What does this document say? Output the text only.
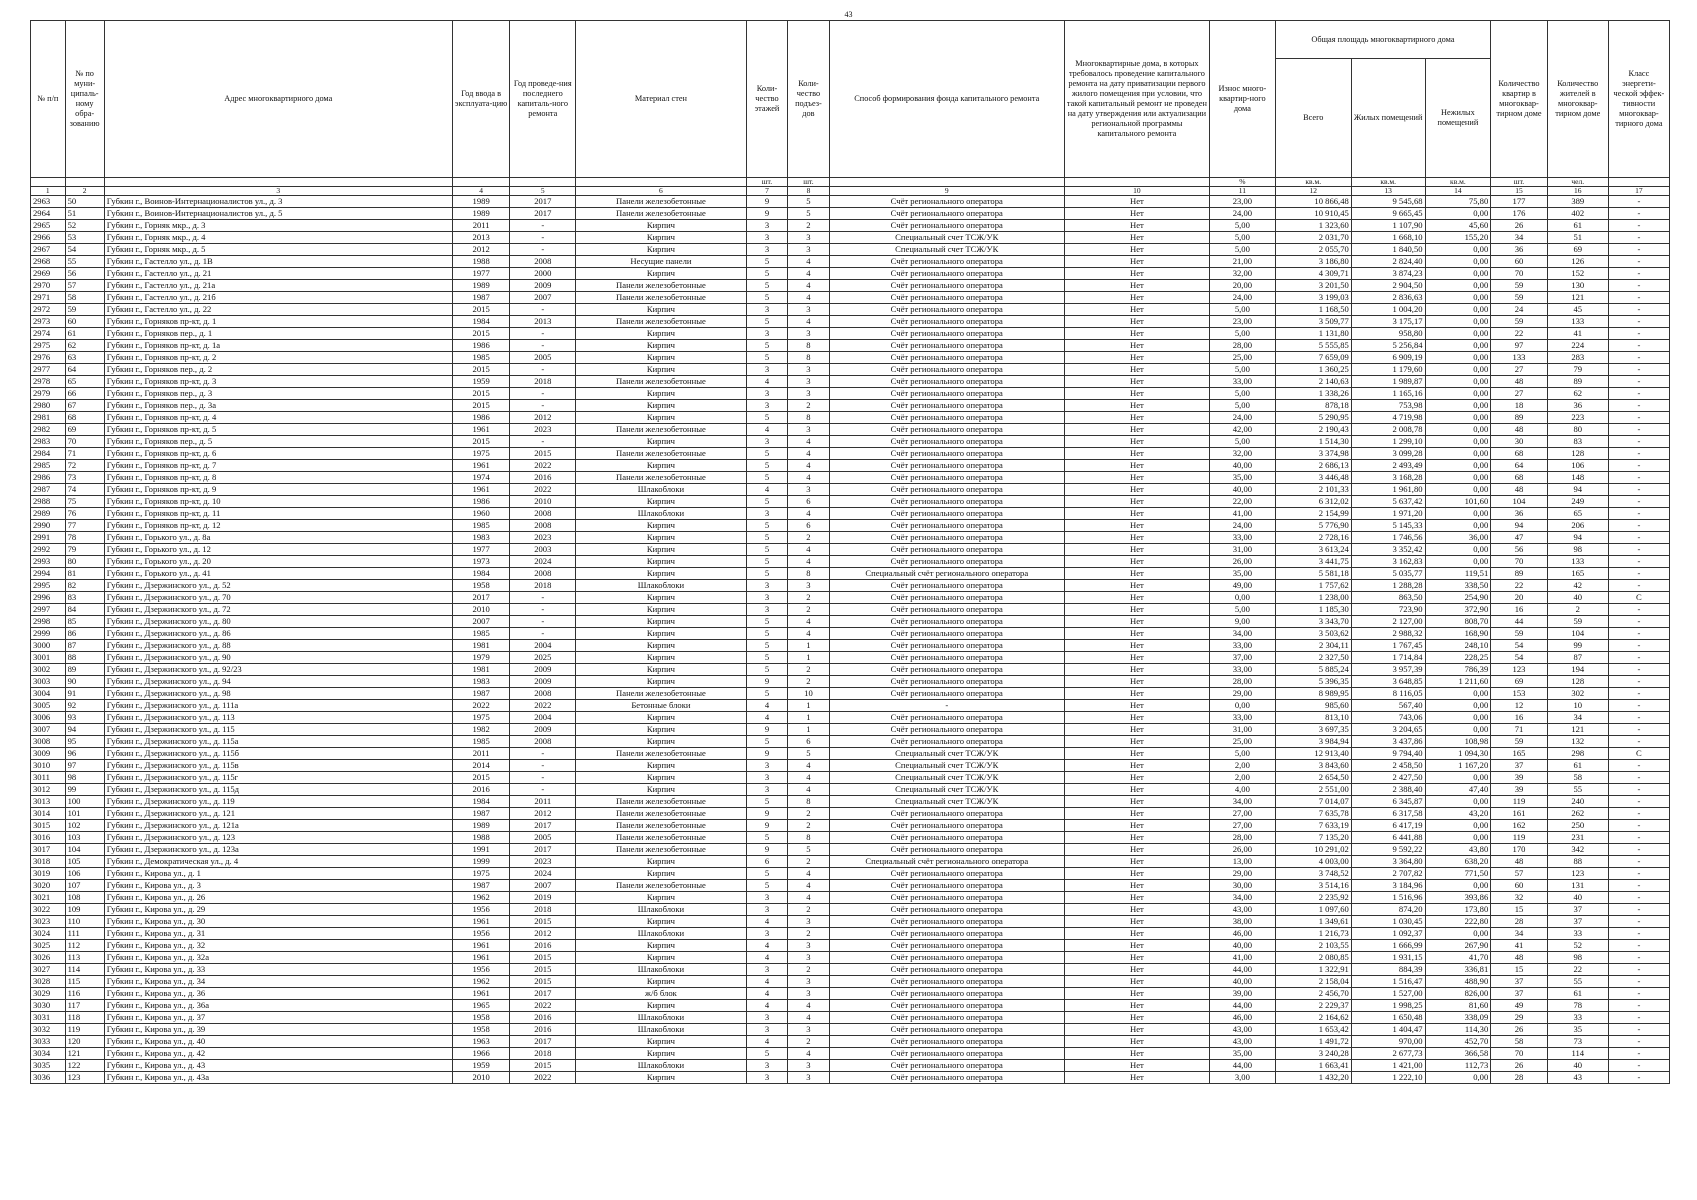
43
№ п/п	№ по муни-ципаль-ному обра-зованию	Адрес многоквартирного дома	Год ввода в эксплуата-цию	Год проведе-ния последнего капиталь-ного ремонта	Материал стен	Коли-чество этажей	Коли-чество подъез-дов	Способ формирования фонда капитального ремонта	Многоквартирные дома, в которых требовалось проведение капитального ремонта на дату приватизации первого жилого помещения при условии, что такой капитальный ремонт не проведен на дату утверждения или актуализации региональной программы капитального ремонта	Износ много-квартир-ного дома	Общая площадь многоквартирного дома			Количество квартир в многоквар-тирном доме	Количество жителей в многоквар-тирном доме	Класс энергети-ческой эффек-тивности многоквар-тирного дома
											Всего	Жилых помещений	Нежилых помещений			
						шт.	шт.			%	кв.м.	кв.м.	кв.м.	шт.	чел.	
1	2	3	4	5	6	7	8	9	10	11	12	13	14	15	16	17
2963	50	Губкин г., Воинов-Интернационалистов ул., д. 3	1989	2017	Панели железобетонные	9	5	Счёт регионального оператора	Нет	23,00	10 866,48	9 545,68	75,80	177	389	-
2964	51	Губкин г., Воинов-Интернационалистов ул., д. 5	1989	2017	Панели железобетонные	9	5	Счёт регионального оператора	Нет	24,00	10 910,45	9 665,45	0,00	176	402	-
2965	52	Губкин г., Горняк мкр., д. 3	2011	-	Кирпич	3	2	Счёт регионального оператора	Нет	5,00	1 323,60	1 107,90	45,60	26	61	-
2966	53	Губкин г., Горняк мкр., д. 4	2013	-	Кирпич	3	3	Специальный счет ТСЖ/УК	Нет	5,00	2 031,70	1 668,10	155,20	34	51	-
2967	54	Губкин г., Горняк мкр., д. 5	2012	-	Кирпич	3	3	Специальный счет ТСЖ/УК	Нет	5,00	2 055,70	1 840,50	0,00	36	69	-
2968	55	Губкин г., Гастелло ул., д. 1В	1988	2008	Несущие панели	5	4	Счёт регионального оператора	Нет	21,00	3 186,80	2 824,40	0,00	60	126	-
2969	56	Губкин г., Гастелло ул., д. 21	1977	2000	Кирпич	5	4	Счёт регионального оператора	Нет	32,00	4 309,71	3 874,23	0,00	70	152	-
2970	57	Губкин г., Гастелло ул., д. 21а	1989	2009	Панели железобетонные	5	4	Счёт регионального оператора	Нет	20,00	3 201,50	2 904,50	0,00	59	130	-
2971	58	Губкин г., Гастелло ул., д. 21б	1987	2007	Панели железобетонные	5	4	Счёт регионального оператора	Нет	24,00	3 199,03	2 836,63	0,00	59	121	-
2972	59	Губкин г., Гастелло ул., д. 22	2015	-	Кирпич	3	3	Счёт регионального оператора	Нет	5,00	1 168,50	1 004,20	0,00	24	45	-
2973	60	Губкин г., Горняков пр-кт, д. 1	1984	2013	Панели железобетонные	5	4	Счёт регионального оператора	Нет	23,00	3 509,77	3 175,17	0,00	59	133	-
2974	61	Губкин г., Горняков пер., д. 1	2015	-	Кирпич	3	3	Счёт регионального оператора	Нет	5,00	1 131,80	958,80	0,00	22	41	-
2975	62	Губкин г., Горняков пр-кт, д. 1а	1986	-	Кирпич	5	8	Счёт регионального оператора	Нет	28,00	5 555,85	5 256,84	0,00	97	224	-
2976	63	Губкин г., Горняков пр-кт, д. 2	1985	2005	Кирпич	5	8	Счёт регионального оператора	Нет	25,00	7 659,09	6 909,19	0,00	133	283	-
2977	64	Губкин г., Горняков пер., д. 2	2015	-	Кирпич	3	3	Счёт регионального оператора	Нет	5,00	1 360,25	1 179,60	0,00	27	79	-
2978	65	Губкин г., Горняков пр-кт, д. 3	1959	2018	Панели железобетонные	4	3	Счёт регионального оператора	Нет	33,00	2 140,63	1 989,87	0,00	48	89	-
2979	66	Губкин г., Горняков пер., д. 3	2015	-	Кирпич	3	3	Счёт регионального оператора	Нет	5,00	1 338,26	1 165,16	0,00	27	62	-
2980	67	Губкин г., Горняков пер., д. 3а	2015	-	Кирпич	3	2	Счёт регионального оператора	Нет	5,00	878,18	753,98	0,00	18	36	-
2981	68	Губкин г., Горняков пр-кт, д. 4	1986	2012	Кирпич	5	8	Счёт регионального оператора	Нет	24,00	5 290,95	4 719,98	0,00	89	223	-
2982	69	Губкин г., Горняков пр-кт, д. 5	1961	2023	Панели железобетонные	4	3	Счёт регионального оператора	Нет	42,00	2 190,43	2 008,78	0,00	48	80	-
2983	70	Губкин г., Горняков пер., д. 5	2015	-	Кирпич	3	4	Счёт регионального оператора	Нет	5,00	1 514,30	1 299,10	0,00	30	83	-
2984	71	Губкин г., Горняков пр-кт, д. 6	1975	2015	Панели железобетонные	5	4	Счёт регионального оператора	Нет	32,00	3 374,98	3 099,28	0,00	68	128	-
2985	72	Губкин г., Горняков пр-кт, д. 7	1961	2022	Кирпич	5	4	Счёт регионального оператора	Нет	40,00	2 686,13	2 493,49	0,00	64	106	-
2986	73	Губкин г., Горняков пр-кт, д. 8	1974	2016	Панели железобетонные	5	4	Счёт регионального оператора	Нет	35,00	3 446,48	3 168,28	0,00	68	148	-
2987	74	Губкин г., Горняков пр-кт, д. 9	1961	2022	Шлакоблоки	4	3	Счёт регионального оператора	Нет	40,00	2 101,33	1 961,80	0,00	48	94	-
2988	75	Губкин г., Горняков пр-кт, д. 10	1986	2010	Кирпич	5	6	Счёт регионального оператора	Нет	22,00	6 312,02	5 637,42	101,60	104	249	-
2989	76	Губкин г., Горняков пр-кт, д. 11	1960	2008	Шлакоблоки	3	4	Счёт регионального оператора	Нет	41,00	2 154,99	1 971,20	0,00	36	65	-
2990	77	Губкин г., Горняков пр-кт, д. 12	1985	2008	Кирпич	5	6	Счёт регионального оператора	Нет	24,00	5 776,90	5 145,33	0,00	94	206	-
2991	78	Губкин г., Горького ул., д. 8а	1983	2023	Кирпич	5	2	Счёт регионального оператора	Нет	33,00	2 728,16	1 746,56	36,00	47	94	-
2992	79	Губкин г., Горького ул., д. 12	1977	2003	Кирпич	5	4	Счёт регионального оператора	Нет	31,00	3 613,24	3 352,42	0,00	56	98	-
2993	80	Губкин г., Горького ул., д. 20	1973	2024	Кирпич	5	4	Счёт регионального оператора	Нет	26,00	3 441,75	3 162,83	0,00	70	133	-
2994	81	Губкин г., Горького ул., д. 41	1984	2008	Кирпич	5	8	Специальный счёт регионального оператора	Нет	35,00	5 581,18	5 035,77	119,51	89	165	-
2995	82	Губкин г., Дзержинского ул., д. 52	1958	2018	Шлакоблоки	3	3	Счёт регионального оператора	Нет	49,00	1 757,62	1 288,28	338,50	22	42	-
2996	83	Губкин г., Дзержинского ул., д. 70	2017	-	Кирпич	3	2	Счёт регионального оператора	Нет	0,00	1 238,00	863,50	254,90	20	40	C
2997	84	Губкин г., Дзержинского ул., д. 72	2010	-	Кирпич	3	2	Счёт регионального оператора	Нет	5,00	1 185,30	723,90	372,90	16	2	-
2998	85	Губкин г., Дзержинского ул., д. 80	2007	-	Кирпич	5	4	Счёт регионального оператора	Нет	9,00	3 343,70	2 127,00	808,70	44	59	-
2999	86	Губкин г., Дзержинского ул., д. 86	1985	-	Кирпич	5	4	Счёт регионального оператора	Нет	34,00	3 503,62	2 988,32	168,90	59	104	-
3000	87	Губкин г., Дзержинского ул., д. 88	1981	2004	Кирпич	5	1	Счёт регионального оператора	Нет	33,00	2 304,11	1 767,45	248,10	54	99	-
3001	88	Губкин г., Дзержинского ул., д. 90	1979	2025	Кирпич	5	1	Счёт регионального оператора	Нет	37,00	2 327,50	1 714,84	228,25	54	87	-
3002	89	Губкин г., Дзержинского ул., д. 92/23	1981	2009	Кирпич	5	2	Счёт регионального оператора	Нет	33,00	5 885,24	3 957,39	786,39	123	194	-
3003	90	Губкин г., Дзержинского ул., д. 94	1983	2009	Кирпич	9	2	Счёт регионального оператора	Нет	28,00	5 396,35	3 648,85	1 211,60	69	128	-
3004	91	Губкин г., Дзержинского ул., д. 98	1987	2008	Панели железобетонные	5	10	Счёт регионального оператора	Нет	29,00	8 989,95	8 116,05	0,00	153	302	-
3005	92	Губкин г., Дзержинского ул., д. 111а	2022	2022	Бетонные блоки	4	1	-	Нет	0,00	985,60	567,40	0,00	12	10	-
3006	93	Губкин г., Дзержинского ул., д. 113	1975	2004	Кирпич	4	1	Счёт регионального оператора	Нет	33,00	813,10	743,06	0,00	16	34	-
3007	94	Губкин г., Дзержинского ул., д. 115	1982	2009	Кирпич	9	1	Счёт регионального оператора	Нет	31,00	3 697,35	3 204,65	0,00	71	121	-
3008	95	Губкин г., Дзержинского ул., д. 115а	1985	2008	Кирпич	5	6	Счёт регионального оператора	Нет	25,00	3 984,94	3 437,86	108,98	59	132	-
3009	96	Губкин г., Дзержинского ул., д. 115б	2011	-	Панели железобетонные	9	5	Специальный счет ТСЖ/УК	Нет	5,00	12 913,40	9 794,40	1 094,30	165	298	C
3010	97	Губкин г., Дзержинского ул., д. 115в	2014	-	Кирпич	3	4	Специальный счет ТСЖ/УК	Нет	2,00	3 843,60	2 458,50	1 167,20	37	61	-
3011	98	Губкин г., Дзержинского ул., д. 115г	2015	-	Кирпич	3	4	Специальный счет ТСЖ/УК	Нет	2,00	2 654,50	2 427,50	0,00	39	58	-
3012	99	Губкин г., Дзержинского ул., д. 115д	2016	-	Кирпич	3	4	Специальный счет ТСЖ/УК	Нет	4,00	2 551,00	2 388,40	47,40	39	55	-
3013	100	Губкин г., Дзержинского ул., д. 119	1984	2011	Панели железобетонные	5	8	Специальный счет ТСЖ/УК	Нет	34,00	7 014,07	6 345,87	0,00	119	240	-
3014	101	Губкин г., Дзержинского ул., д. 121	1987	2012	Панели железобетонные	9	2	Счёт регионального оператора	Нет	27,00	7 635,78	6 317,58	43,20	161	262	-
3015	102	Губкин г., Дзержинского ул., д. 121а	1989	2017	Панели железобетонные	9	2	Счёт регионального оператора	Нет	27,00	7 633,19	6 417,19	0,00	162	250	-
3016	103	Губкин г., Дзержинского ул., д. 123	1988	2005	Панели железобетонные	5	8	Счёт регионального оператора	Нет	28,00	7 135,20	6 441,88	0,00	119	231	-
3017	104	Губкин г., Дзержинского ул., д. 123а	1991	2017	Панели железобетонные	9	5	Счёт регионального оператора	Нет	26,00	10 291,02	9 592,22	43,80	170	342	-
3018	105	Губкин г., Демократическая ул., д. 4	1999	2023	Кирпич	6	2	Специальный счёт регионального оператора	Нет	13,00	4 003,00	3 364,80	638,20	48	88	-
3019	106	Губкин г., Кирова ул., д. 1	1975	2024	Кирпич	5	4	Счёт регионального оператора	Нет	29,00	3 748,52	2 707,82	771,50	57	123	-
3020	107	Губкин г., Кирова ул., д. 3	1987	2007	Панели железобетонные	5	4	Счёт регионального оператора	Нет	30,00	3 514,16	3 184,96	0,00	60	131	-
3021	108	Губкин г., Кирова ул., д. 26	1962	2019	Кирпич	3	4	Счёт регионального оператора	Нет	34,00	2 235,92	1 516,96	393,86	32	40	-
3022	109	Губкин г., Кирова ул., д. 29	1956	2018	Шлакоблоки	3	2	Счёт регионального оператора	Нет	43,00	1 097,60	874,20	173,80	15	37	-
3023	110	Губкин г., Кирова ул., д. 30	1961	2015	Кирпич	4	3	Счёт регионального оператора	Нет	38,00	1 349,61	1 030,45	222,80	28	37	-
3024	111	Губкин г., Кирова ул., д. 31	1956	2012	Шлакоблоки	3	2	Счёт регионального оператора	Нет	46,00	1 216,73	1 092,37	0,00	34	33	-
3025	112	Губкин г., Кирова ул., д. 32	1961	2016	Кирпич	4	3	Счёт регионального оператора	Нет	40,00	2 103,55	1 666,99	267,90	41	52	-
3026	113	Губкин г., Кирова ул., д. 32а	1961	2015	Кирпич	4	3	Счёт регионального оператора	Нет	41,00	2 080,85	1 931,15	41,70	48	98	-
3027	114	Губкин г., Кирова ул., д. 33	1956	2015	Шлакоблоки	3	2	Счёт регионального оператора	Нет	44,00	1 322,91	884,39	336,81	15	22	-
3028	115	Губкин г., Кирова ул., д. 34	1962	2015	Кирпич	4	3	Счёт регионального оператора	Нет	40,00	2 158,04	1 516,47	488,90	37	55	-
3029	116	Губкин г., Кирова ул., д. 36	1961	2017	ж/б блок	4	3	Счёт регионального оператора	Нет	39,00	2 456,70	1 527,00	826,00	37	61	-
3030	117	Губкин г., Кирова ул., д. 36а	1965	2022	Кирпич	4	4	Счёт регионального оператора	Нет	44,00	2 229,37	1 998,25	81,60	49	78	-
3031	118	Губкин г., Кирова ул., д. 37	1958	2016	Шлакоблоки	3	4	Счёт регионального оператора	Нет	46,00	2 164,62	1 650,48	338,09	29	33	-
3032	119	Губкин г., Кирова ул., д. 39	1958	2016	Шлакоблоки	3	3	Счёт регионального оператора	Нет	43,00	1 653,42	1 404,47	114,30	26	35	-
3033	120	Губкин г., Кирова ул., д. 40	1963	2017	Кирпич	4	2	Счёт регионального оператора	Нет	43,00	1 491,72	970,00	452,70	58	73	-
3034	121	Губкин г., Кирова ул., д. 42	1966	2018	Кирпич	5	4	Счёт регионального оператора	Нет	35,00	3 240,28	2 677,73	366,58	70	114	-
3035	122	Губкин г., Кирова ул., д. 43	1959	2015	Шлакоблоки	3	3	Счёт регионального оператора	Нет	44,00	1 663,41	1 421,00	112,73	26	40	-
3036	123	Губкин г., Кирова ул., д. 43а	2010	2022	Кирпич	3	3	Счёт регионального оператора	Нет	3,00	1 432,20	1 222,10	0,00	28	43	-
